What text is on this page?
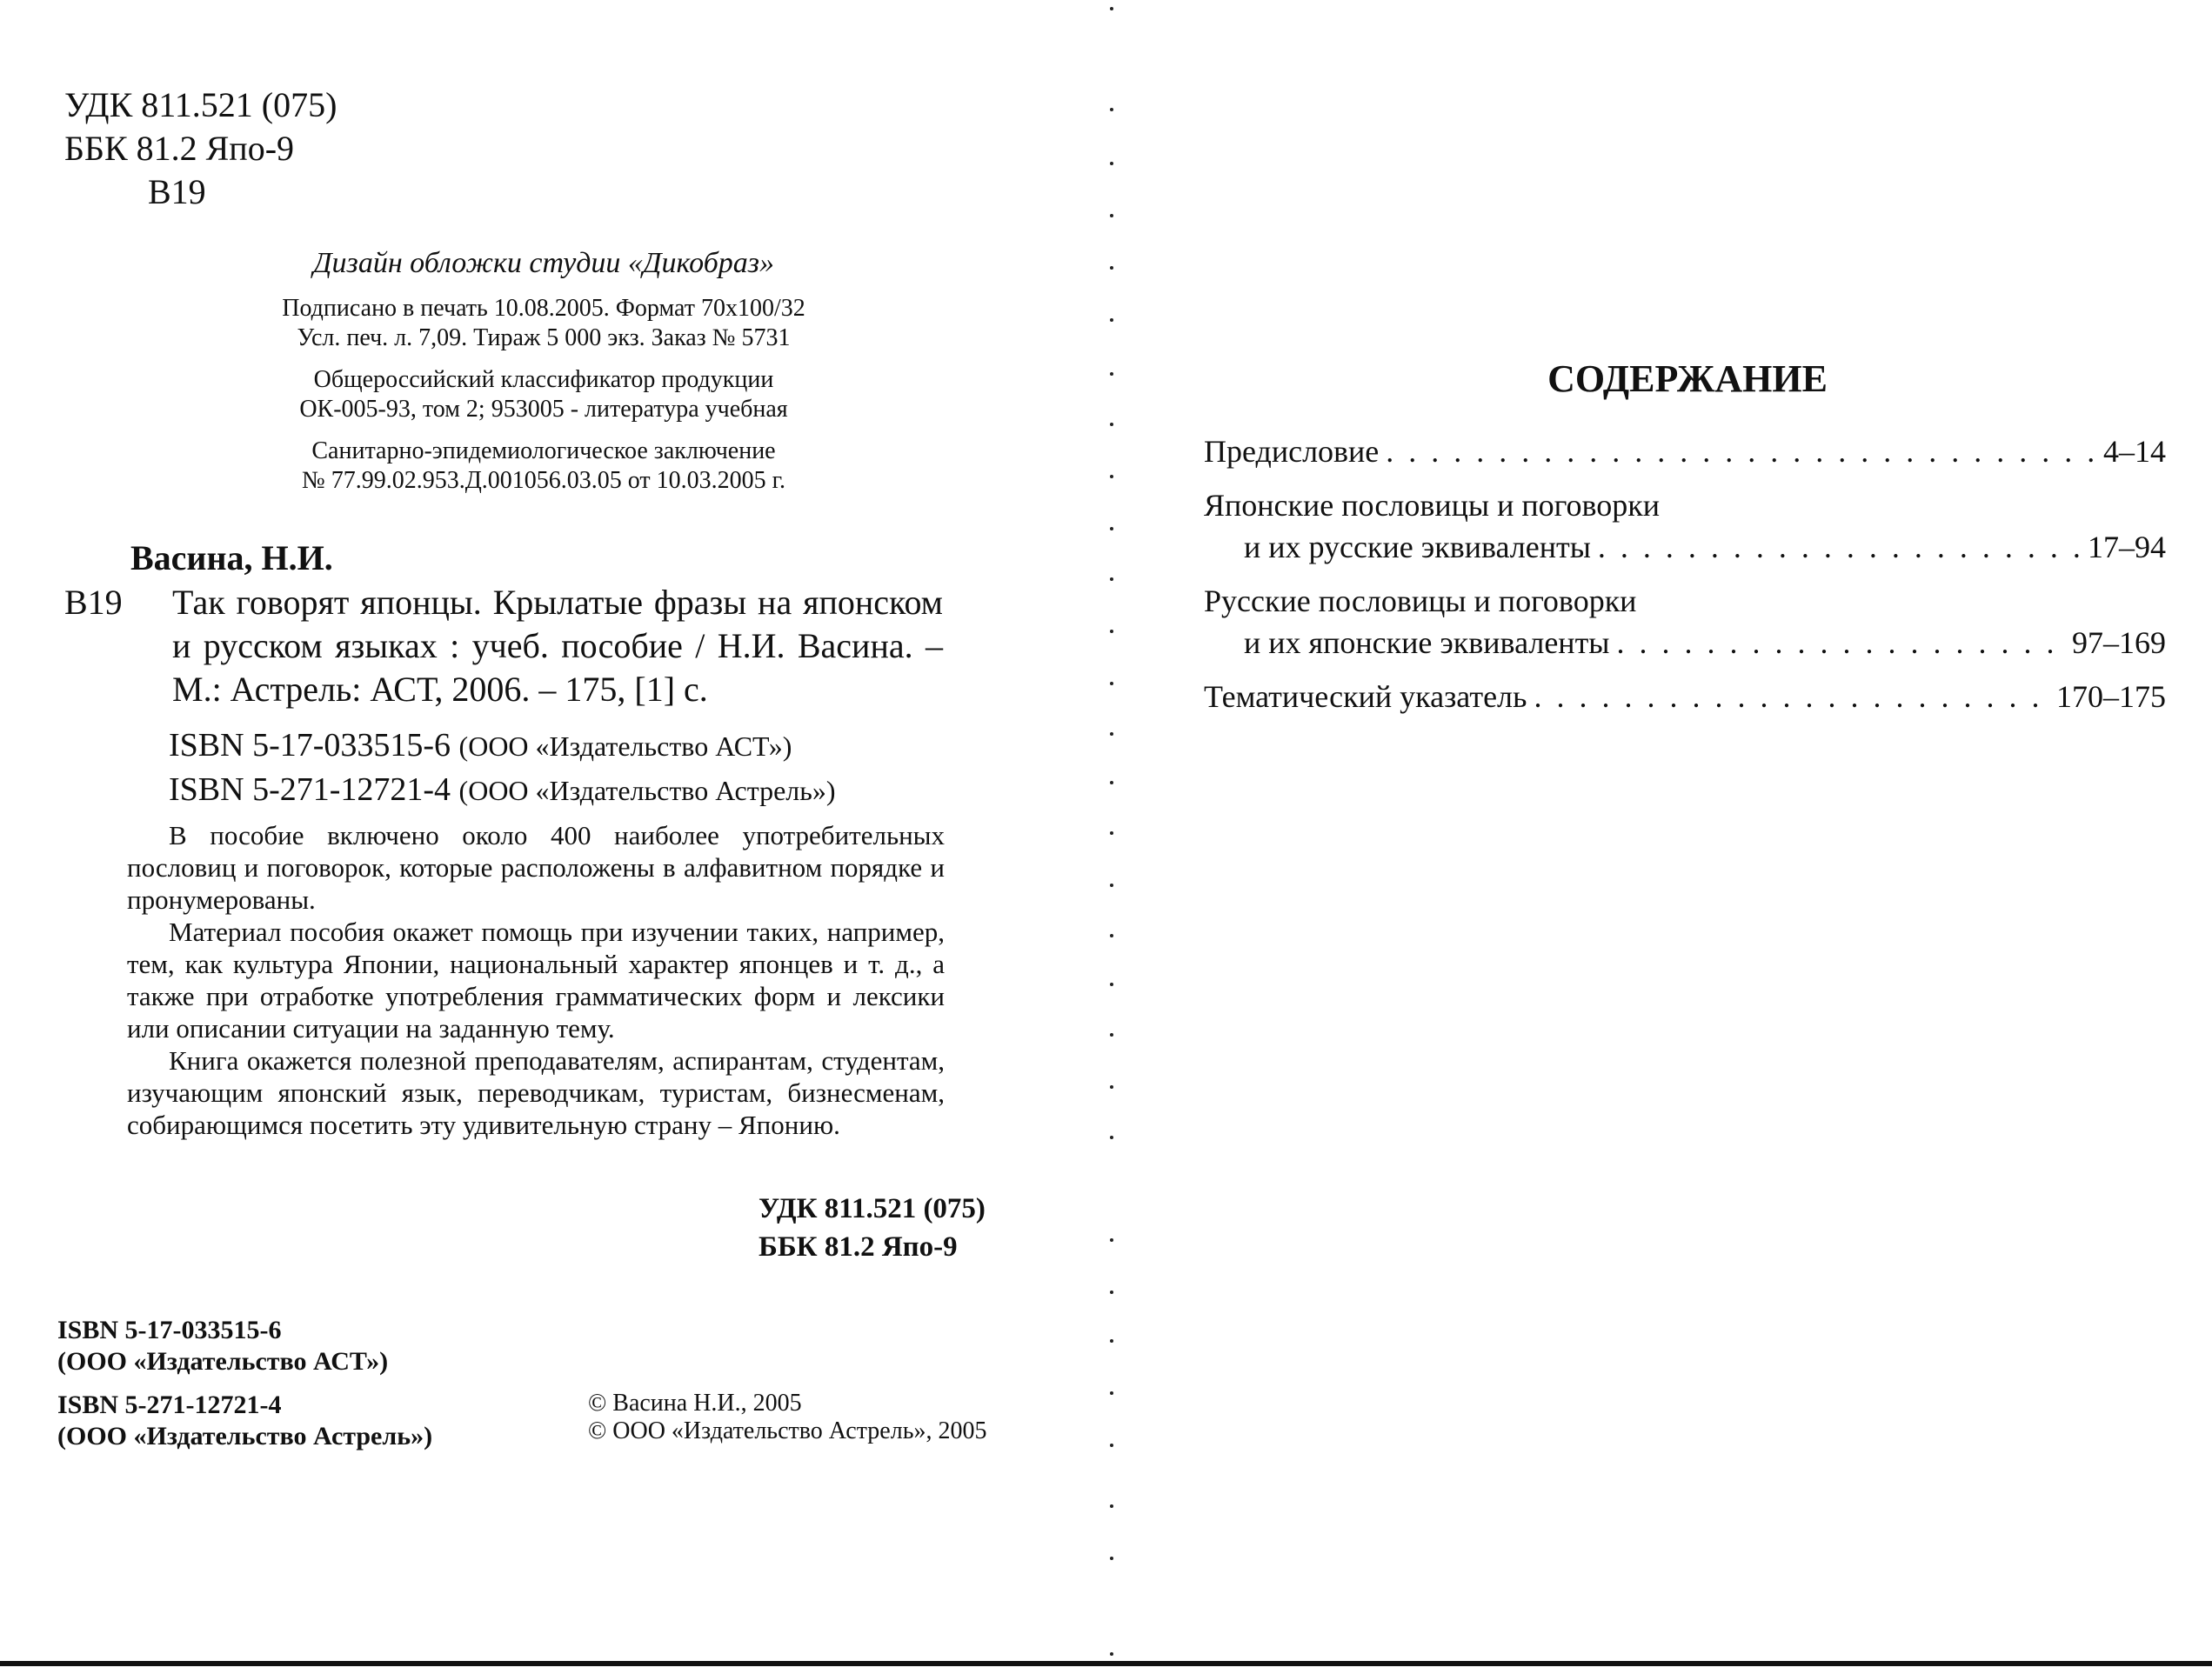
УДК 811.521 (075)
ББК 81.2 Япо-9
В19
Дизайн обложки студии «Дикобраз»
Подписано в печать 10.08.2005. Формат 70x100/32
Усл. печ. л. 7,09. Тираж 5 000 экз. Заказ № 5731
Общероссийский классификатор продукции
ОК-005-93, том 2; 953005 - литература учебная
Санитарно-эпидемиологическое заключение
№ 77.99.02.953.Д.001056.03.05 от 10.03.2005 г.
Васина, Н.И.
В19 Так говорят японцы. Крылатые фразы на японском и русском языках : учеб. пособие / Н.И. Васина. – М.: Астрель: АСТ, 2006. – 175, [1] с.
ISBN 5-17-033515-6 (ООО «Издательство АСТ»)
ISBN 5-271-12721-4 (ООО «Издательство Астрель»)

В пособие включено около 400 наиболее употребительных пословиц и поговорок, которые расположены в алфавитном порядке и пронумерованы.

Материал пособия окажет помощь при изучении таких, например, тем, как культура Японии, национальный характер японцев и т. д., а также при отработке употребления грамматических форм и лексики или описании ситуации на заданную тему.

Книга окажется полезной преподавателям, аспирантам, студентам, изучающим японский язык, переводчикам, туристам, бизнесменам, собирающимся посетить эту удивительную страну – Японию.

УДК 811.521 (075)
ББК 81.2 Япо-9
ISBN 5-17-033515-6
(ООО «Издательство АСТ»)
ISBN 5-271-12721-4
(ООО «Издательство Астрель»)
© Васина Н.И., 2005
© ООО «Издательство Астрель», 2005
СОДЕРЖАНИЕ
Предисловие . . .	4–14
Японские пословицы и поговорки
и их русские эквиваленты . . .	17–94
Русские пословицы и поговорки
и их японские эквиваленты . . .	97–169
Тематический указатель . . .	170–175
